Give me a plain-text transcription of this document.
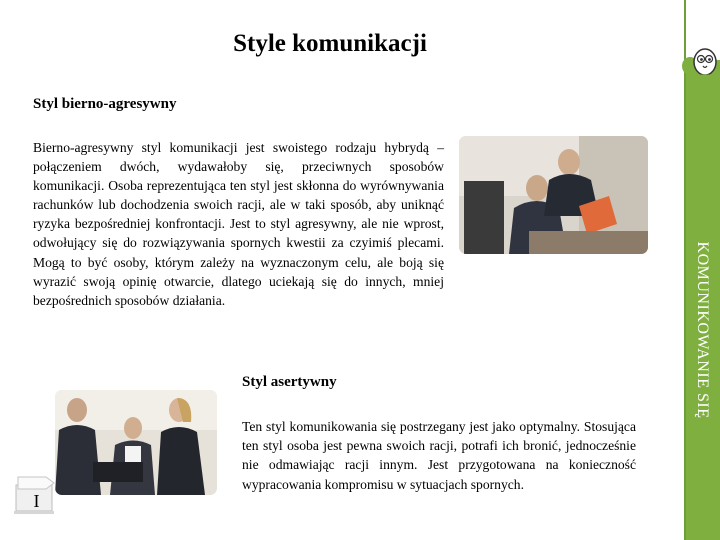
Style komunikacji
Styl bierno-agresywny
Bierno-agresywny styl komunikacji jest swoistego rodzaju hybrydą – połączeniem dwóch, wydawałoby się, przeciwnych sposobów komunikacji. Osoba reprezentująca ten styl jest skłonna do wyrównywania rachunków lub dochodzenia swoich racji, ale w taki sposób, aby uniknąć ryzyka bezpośredniej konfrontacji. Jest to styl agresywny, ale nie wprost, odwołujący się do rozwiązywania spornych kwestii za czyimiś plecami. Mogą to być osoby, którym zależy na wyznaczonym celu, ale boją się wyrazić swoją opinię otwarcie, dlatego uciekają się do innych, mniej bezpośrednich sposobów działania.
Styl asertywny
Ten styl komunikowania się postrzegany jest jako optymalny. Stosująca ten styl osoba jest pewna swoich racji, potrafi ich bronić, jednocześnie nie odmawiając racji innym. Jest przygotowana na konieczność wypracowania kompromisu w sytuacjach spornych.
KOMUNIKOWANIE SIĘ
I
